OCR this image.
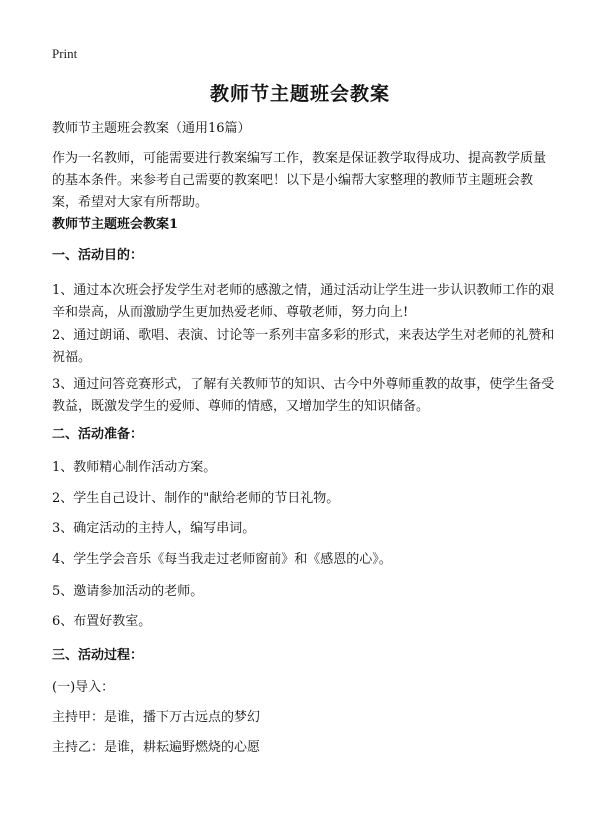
Print
教师节主题班会教案

教师节主题班会教案（通用16篇）

作为一名教师，可能需要进行教案编写工作，教案是保证教学取得成功、提高教学质量的基本条件。来参考自己需要的教案吧！以下是小编帮大家整理的教师节主题班会教案，希望对大家有所帮助。

教师节主题班会教案1

一、活动目的：

1、通过本次班会抒发学生对老师的感激之情，通过活动让学生进一步认识教师工作的艰辛和崇高，从而激励学生更加热爱老师、尊敬老师，努力向上!

2、通过朗诵、歌唱、表演、讨论等一系列丰富多彩的形式，来表达学生对老师的礼赞和祝福。

3、通过问答竞赛形式，了解有关教师节的知识、古今中外尊师重教的故事，使学生备受教益，既激发学生的爱师、尊师的情感，又增加学生的知识储备。

二、活动准备：

1、教师精心制作活动方案。

2、学生自己设计、制作的"献给老师的节日礼物。

3、确定活动的主持人，编写串词。

4、学生学会音乐《每当我走过老师窗前》和《感恩的心》。

5、邀请参加活动的老师。

6、布置好教室。

三、活动过程：

(一)导入：

主持甲：是谁，播下万古远点的梦幻

主持乙：是谁，耕耘遍野燃烧的心愿
